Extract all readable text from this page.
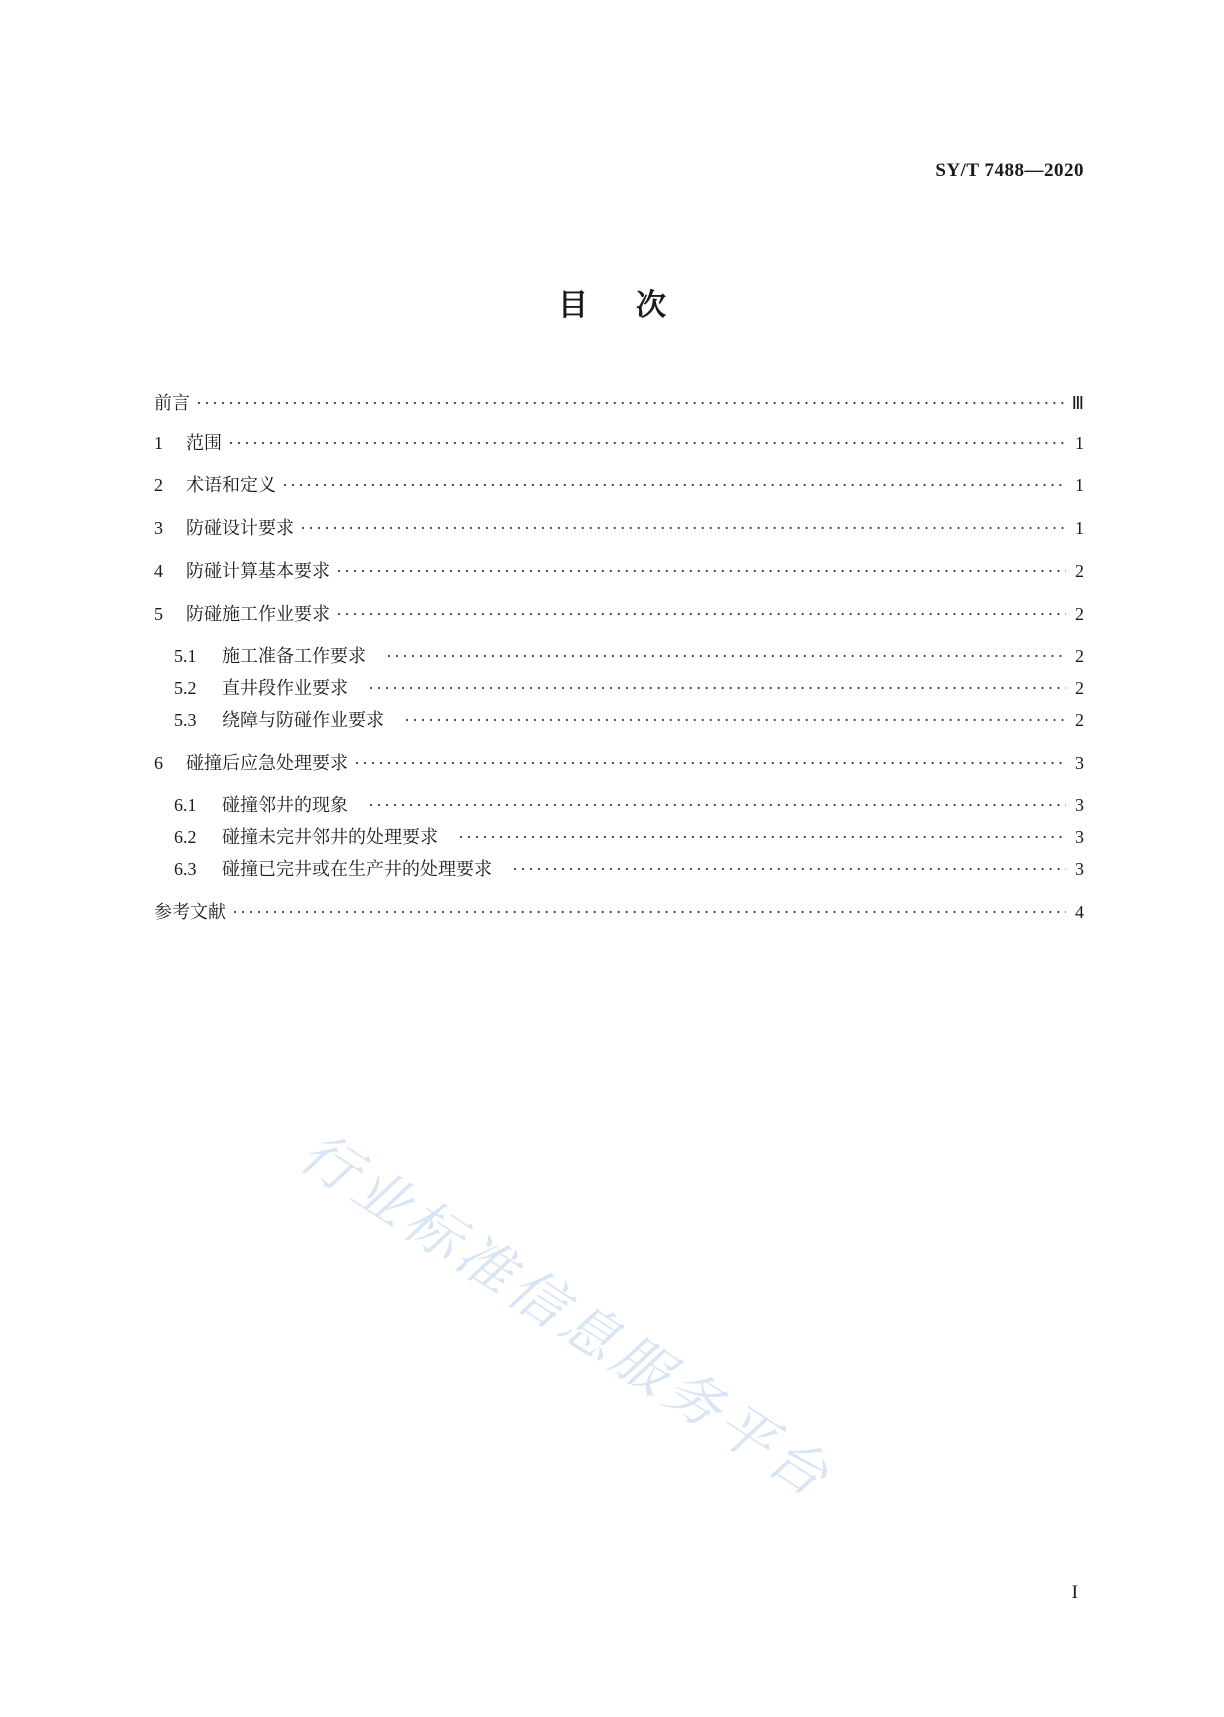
SY/T 7488—2020
目 次
前言 ·····	Ⅲ
1	范围 ·····	1
2	术语和定义 ·····	1
3	防碰设计要求 ·····	1
4	防碰计算基本要求 ·····	2
5	防碰施工作业要求 ·····	2
5.1	施工准备工作要求 ·····	2
5.2	直井段作业要求 ·····	2
5.3	绕障与防碰作业要求 ·····	2
6	碰撞后应急处理要求 ·····	3
6.1	碰撞邻井的现象 ·····	3
6.2	碰撞未完井邻井的处理要求 ·····	3
6.3	碰撞已完井或在生产井的处理要求 ·····	3
参考文献 ·····	4
行业标准信息服务平台
I
